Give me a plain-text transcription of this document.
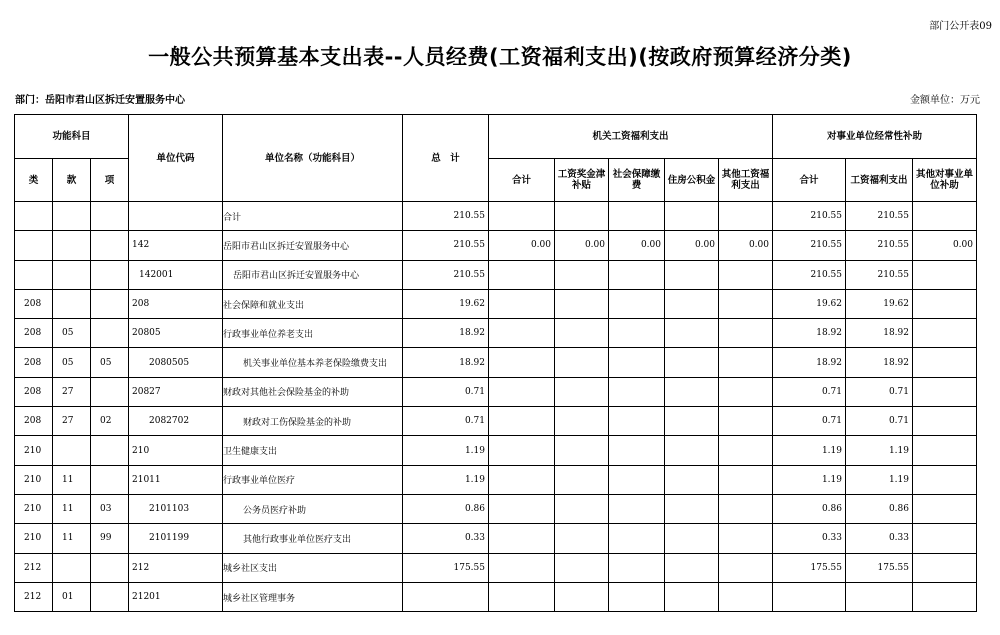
部门公开表09
一般公共预算基本支出表--人员经费(工资福利支出)(按政府预算经济分类)
部门：岳阳市君山区拆迁安置服务中心	金额单位：万元
功能科目			单位代码	单位名称（功能科目）	总　计	机关工资福利支出					对事业单位经常性补助		
类	款	项				合计	工资奖金津补贴	社会保障缴费	住房公积金	其他工资福利支出	合计	工资福利支出	其他对事业单位补助
				合计	210.55						210.55	210.55	
			142	岳阳市君山区拆迁安置服务中心	210.55	0.00	0.00	0.00	0.00	0.00	210.55	210.55	0.00
			142001	岳阳市君山区拆迁安置服务中心	210.55						210.55	210.55	
208			208	社会保障和就业支出	19.62						19.62	19.62	
208	05		20805	行政事业单位养老支出	18.92						18.92	18.92	
208	05	05	2080505	机关事业单位基本养老保险缴费支出	18.92						18.92	18.92	
208	27		20827	财政对其他社会保险基金的补助	0.71						0.71	0.71	
208	27	02	2082702	财政对工伤保险基金的补助	0.71						0.71	0.71	
210			210	卫生健康支出	1.19						1.19	1.19	
210	11		21011	行政事业单位医疗	1.19						1.19	1.19	
210	11	03	2101103	公务员医疗补助	0.86						0.86	0.86	
210	11	99	2101199	其他行政事业单位医疗支出	0.33						0.33	0.33	
212			212	城乡社区支出	175.55						175.55	175.55	
212	01		21201	城乡社区管理事务									
